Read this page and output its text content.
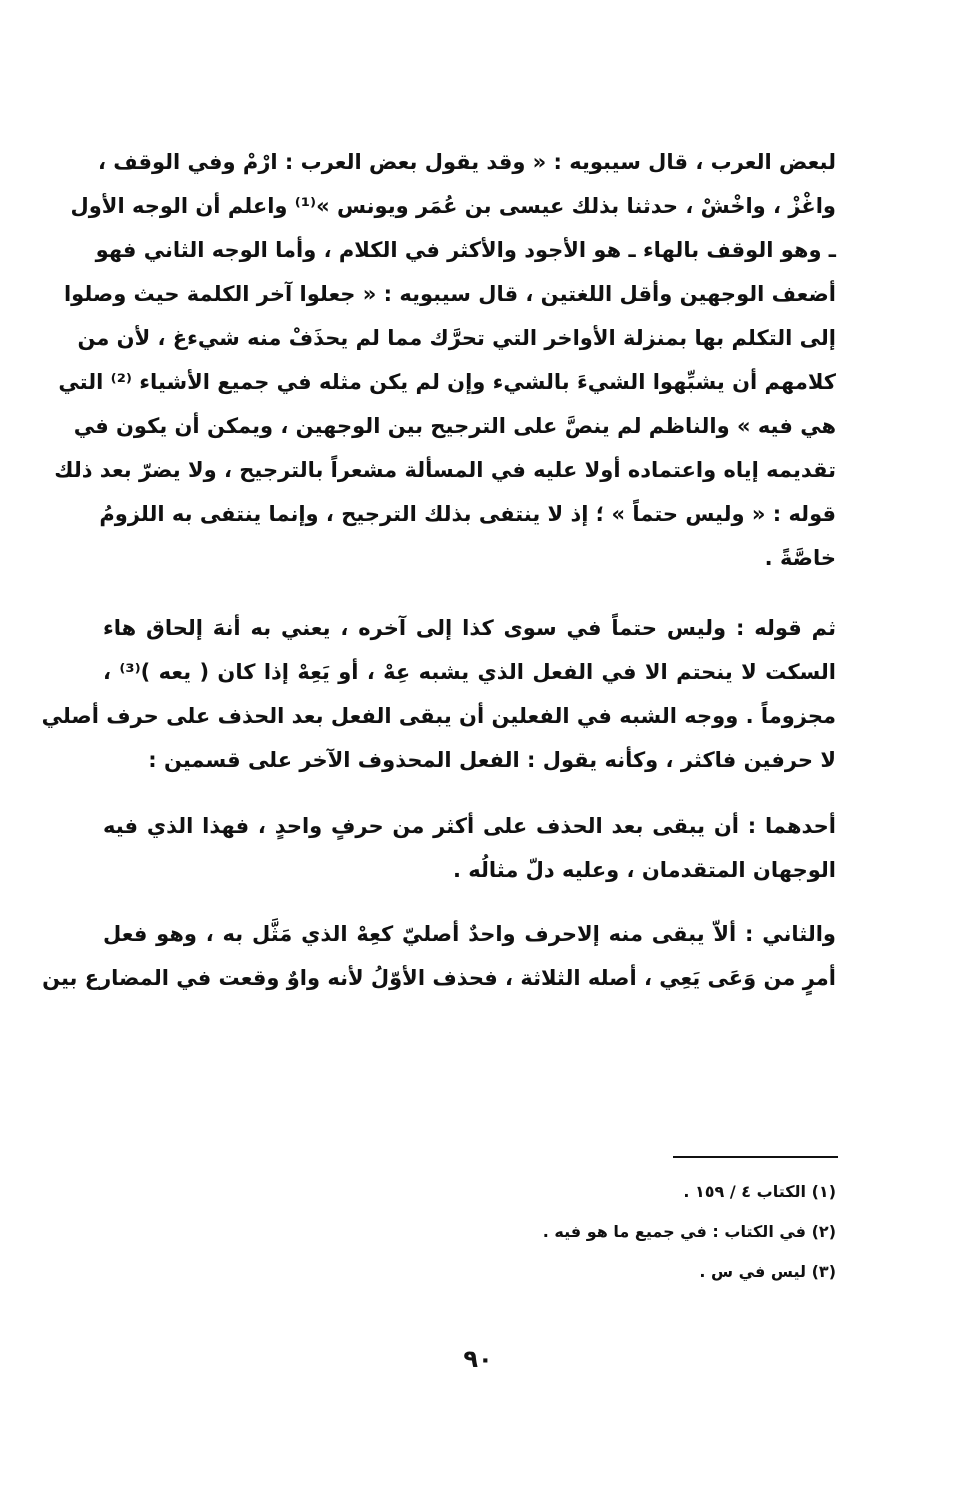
لبعض العرب ، قال سيبويه : « وقد يقول بعض العرب : ارْمْ وفي الوقف ،
واغْزْ ، واخْشْ ، حدثنا بذلك عيسى بن عُمَر ويونس »⁽¹⁾ واعلم أن الوجه الأول
ـ وهو الوقف بالهاء ـ هو الأجود والأكثر في الكلام ، وأما الوجه الثاني فهو
أضعف الوجهين وأقل اللغتين ، قال سيبويه : « جعلوا آخر الكلمة حيث وصلوا
إلى التكلم بها بمنزلة الأواخر التي تحرَّك مما لم يحذَفْ منه شيءغ ، لأن من
كلامهم أن يشبِّهوا الشيءَ بالشيء وإن لم يكن مثله في جميع الأشياء ⁽²⁾ التي
هي فيه » والناظم لم ينصَّ على الترجيح بين الوجهين ، ويمكن أن يكون في
تقديمه إياه واعتماده أولا عليه في المسألة مشعراً بالترجيح ، ولا يضرّ بعد ذلك
قوله : « وليس حتماً » ؛ إذ لا ينتفى بذلك الترجيح ، وإنما ينتفى به اللزومُ
خاصَّةً .
ثم قوله : وليس حتماً في سوى كذا إلى آخره ، يعني به أنهَ إلحاق هاء
السكت لا ينحتم الا في الفعل الذي يشبه عِهْ ، أو يَعِهْ إذا كان ( يعه )⁽³⁾ ،
مجزوماً . ووجه الشبه في الفعلين أن يبقى الفعل بعد الحذف على حرف أصلي
لا حرفين فاكثر ، وكأنه يقول : الفعل المحذوف الآخر على قسمين :
أحدهما : أن يبقى بعد الحذف على أكثر من حرفٍ واحدٍ ، فهذا الذي فيه
الوجهان المتقدمان ، وعليه دلّ مثالُه .
والثاني : ألاّ يبقى منه إلاحرف واحدٌ أصليّ كعِهْ الذي مَثَّل به ، وهو فعل
أمرٍ من وَعَى يَعِي ، أصله الثلاثة ، فحذف الأوّلُ لأنه واوٌ وقعت في المضارع بين
(١) الكتاب ٤ / ١٥٩ .
(٢) في الكتاب : في جميع ما هو فيه .
(٣) ليس في س .
٩٠
